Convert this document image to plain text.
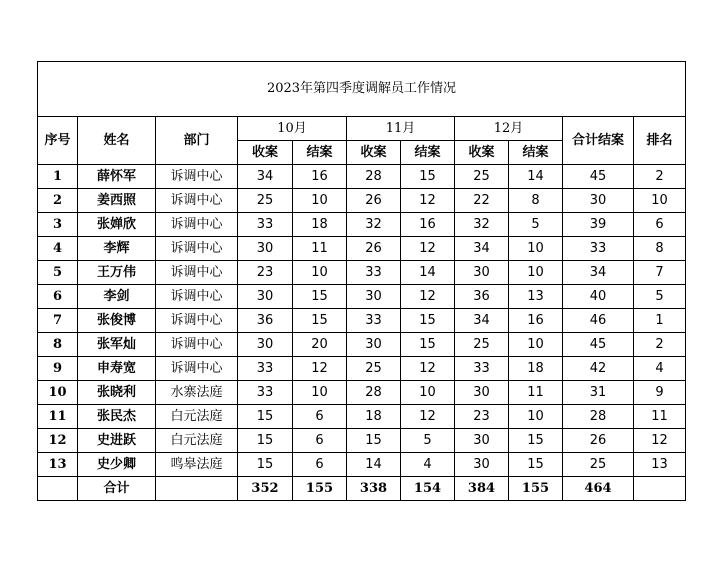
2023年第四季度调解员工作情况										
序号	姓名	部门	10月		11月		12月		合计结案	排名
			收案	结案	收案	结案	收案	结案		
1	薛怀军	诉调中心	34	16	28	15	25	14	45	2
2	姜西照	诉调中心	25	10	26	12	22	8	30	10
3	张婵欣	诉调中心	33	18	32	16	32	5	39	6
4	李辉	诉调中心	30	11	26	12	34	10	33	8
5	王万伟	诉调中心	23	10	33	14	30	10	34	7
6	李剑	诉调中心	30	15	30	12	36	13	40	5
7	张俊博	诉调中心	36	15	33	15	34	16	46	1
8	张军灿	诉调中心	30	20	30	15	25	10	45	2
9	申寿宽	诉调中心	33	12	25	12	33	18	42	4
10	张晓利	水寨法庭	33	10	28	10	30	11	31	9
11	张民杰	白元法庭	15	6	18	12	23	10	28	11
12	史进跃	白元法庭	15	6	15	5	30	15	26	12
13	史少卿	鸣皋法庭	15	6	14	4	30	15	25	13
	合计		352	155	338	154	384	155	464	
